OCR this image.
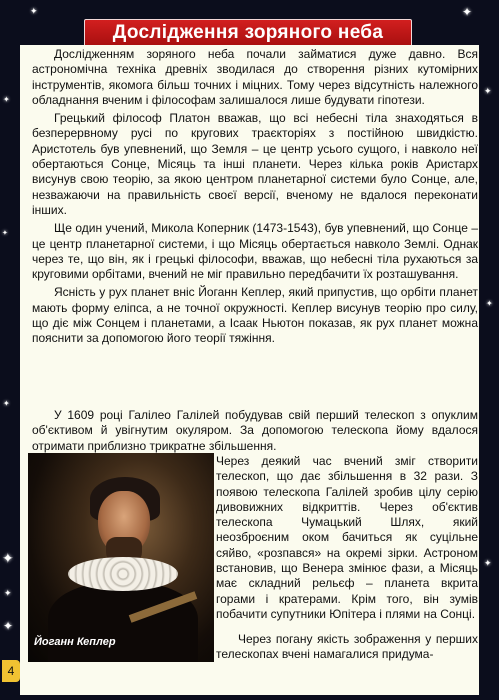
✦	✦
✦
✦
✦
✦
✦
✦
✦
✦
✦
Дослідження зоряного неба

Дослідженням зоряного неба почали займатися дуже давно. Вся астрономічна техніка древніх зводилася до створення різних кутомірних інструментів, якомога більш точних і міцних. Тому через відсутність належного обладнання вченим і філософам залишалося лише будувати гіпотези.

Грецький філософ Платон вважав, що всі небесні тіла знаходяться в безперервному русі по кругових траєкторіях з постійною швидкістю. Аристотель був упевнений, що Земля – це центр усього сущого, і навколо неї обертаються Сонце, Місяць та інші планети. Через кілька років Аристарх висунув свою теорію, за якою центром планетарної системи було Сонце, але, незважаючи на правильність своєї версії, вченому не вдалося переконати інших.

Ще один учений, Микола Коперник (1473-1543), був упевнений, що Сонце – це центр планетарної системи, і що Місяць обертається навколо Землі. Однак через те, що він, як і грецькі філософи, вважав, що небесні тіла рухаються за круговими орбітами, вчений не міг правильно передбачити їх розташування.

Ясність у рух планет вніс Йоганн Кеплер, який припустив, що орбіти планет мають форму еліпса, а не точної окружності. Кеплер висунув теорію про силу, що діє між Сонцем і планетами, а Ісаак Ньютон показав, як рух планет можна пояснити за допомогою його теорії тяжіння.

У 1609 році Галілео Галілей побудував свій перший телескоп з опуклим об'єктивом й увігнутим окуляром. За допомогою телескопа йому вдалося отримати приблизно трикратне збільшення.

Йоганн Кеплер

Через деякий час вчений зміг створити телескоп, що дає збільшення в 32 рази. З появою телескопа Галілей зробив цілу серію дивовижних відкриттів. Через об'єктив телескопа Чумацький Шлях, який неозброєним оком бачиться як суцільне сяйво, «розпався» на окремі зірки. Астроном встановив, що Венера змінює фази, а Місяць має складний рельєф – планета вкрита горами і кратерами. Крім того, він зумів побачити супутники Юпітера і плями на Сонці.

Через погану якість зображення у перших телескопах вчені намагалися придума-

4
